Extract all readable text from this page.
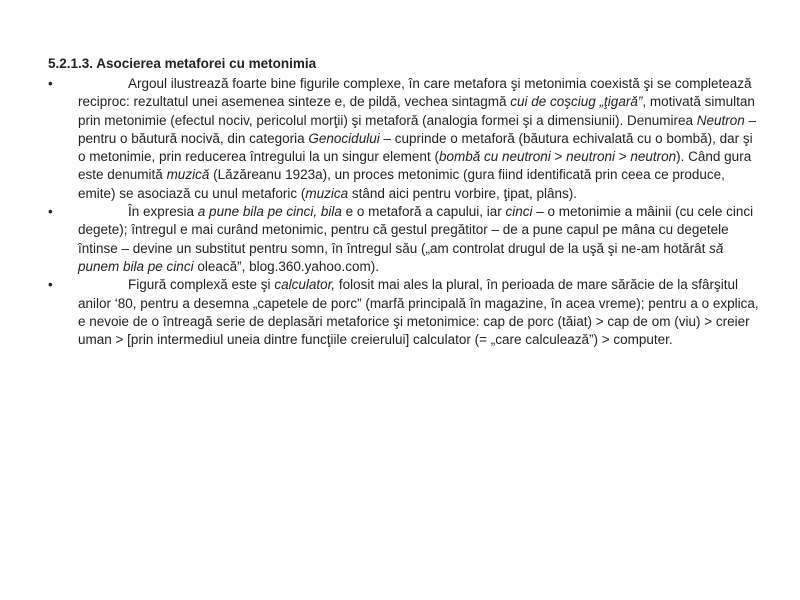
5.2.1.3. Asocierea metaforei cu metonimia
•	Argoul ilustrează foarte bine figurile complexe, în care metafora şi metonimia coexistă şi se completează reciproc: rezultatul unei asemenea sinteze e, de pildă, vechea sintagmă cui de coşciug „ţigară”, motivată simultan prin metonimie (efectul nociv, pericolul morţii) şi metaforă (analogia formei şi a dimensiunii). Denumirea Neutron – pentru o băutură nocivă, din categoria Genocidului – cuprinde o metaforă (băutura echivalată cu o bombă), dar şi o metonimie, prin reducerea întregului la un singur element (bombă cu neutroni > neutroni > neutron). Când gura este denumită muzică (Lăzăreanu 1923a), un proces metonimic (gura fiind identificată prin ceea ce produce, emite) se asociază cu unul metaforic (muzica stând aici pentru vorbire, ţipat, plâns).
•	În expresia a pune bila pe cinci, bila e o metaforă a capului, iar cinci – o metonimie a mâinii (cu cele cinci degete); întregul e mai curând metonimic, pentru că gestul pregătitor – de a pune capul pe mâna cu degetele întinse – devine un substitut pentru somn, în întregul său („am controlat drugul de la uşă şi ne-am hotărât să punem bila pe cinci oleacă”, blog.360.yahoo.com).
•	Figură complexă este şi calculator, folosit mai ales la plural, în perioada de mare sărăcie de la sfârşitul anilor ‘80, pentru a desemna „capetele de porc” (marfă principală în magazine, în acea vreme); pentru a o explica, e nevoie de o întreagă serie de deplasări metaforice şi metonimice: cap de porc (tăiat) > cap de om (viu) > creier uman > [prin intermediul uneia dintre funcţiile creierului] calculator (= „care calculează”) > computer.
